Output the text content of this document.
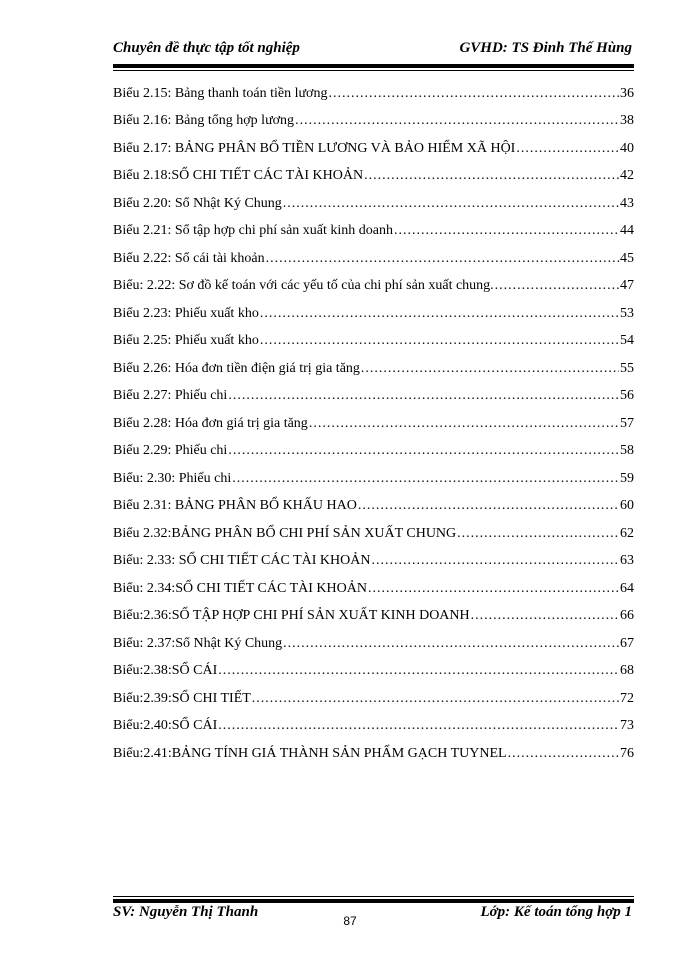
Chuyên đề thực tập tốt nghiệp	GVHD: TS Đinh Thế Hùng
Biểu 2.15: Bảng thanh toán tiền lương .....	36
Biểu 2.16: Bảng tổng hợp lương .....	38
Biểu 2.17: BẢNG PHÂN BỔ TIỀN LƯƠNG VÀ BẢO HIỂM XÃ HỘI .....	40
Biểu 2.18:SỔ CHI TIẾT CÁC TÀI KHOẢN .....	42
Biểu 2.20: Sổ Nhật Ký Chung .....	43
Biểu 2.21: Sổ tập hợp chi phí sản xuất kinh doanh .....	44
Biểu 2.22: Sổ cái tài khoản .....	45
Biểu: 2.22: Sơ đồ kế toán với các yếu tố của chi phí sản xuất chung. .....	47
Biểu 2.23: Phiếu xuất kho .....	53
Biểu 2.25: Phiếu xuất kho .....	54
Biểu 2.26: Hóa đơn tiền điện giá trị gia tăng .....	55
Biểu 2.27: Phiếu chi .....	56
Biểu 2.28: Hóa đơn giá trị gia tăng .....	57
Biểu 2.29: Phiếu chi .....	58
Biểu: 2.30: Phiếu chi .....	59
Biểu 2.31: BẢNG PHÂN BỔ KHẤU HAO .....	60
Biểu 2.32:BẢNG PHÂN BỔ CHI PHÍ SẢN XUẤT CHUNG .....	62
Biểu: 2.33: SỔ CHI TIẾT CÁC TÀI KHOẢN .....	63
Biểu: 2.34:SỔ CHI TIẾT CÁC TÀI KHOẢN .....	64
Biểu:2.36:SỔ TẬP HỢP CHI PHÍ SẢN XUẤT KINH DOANH .....	66
Biểu: 2.37:Sổ Nhật Ký Chung .....	67
Biểu:2.38:SỔ CÁI .....	68
Biểu:2.39:SỔ CHI TIẾT .....	72
Biểu:2.40:SỔ CÁI .....	73
Biểu:2.41:BẢNG TÍNH GIÁ THÀNH SẢN PHẨM GẠCH TUYNEL .....	76
SV: Nguyễn Thị Thanh	Lớp: Kế toán tổng hợp 1
87
